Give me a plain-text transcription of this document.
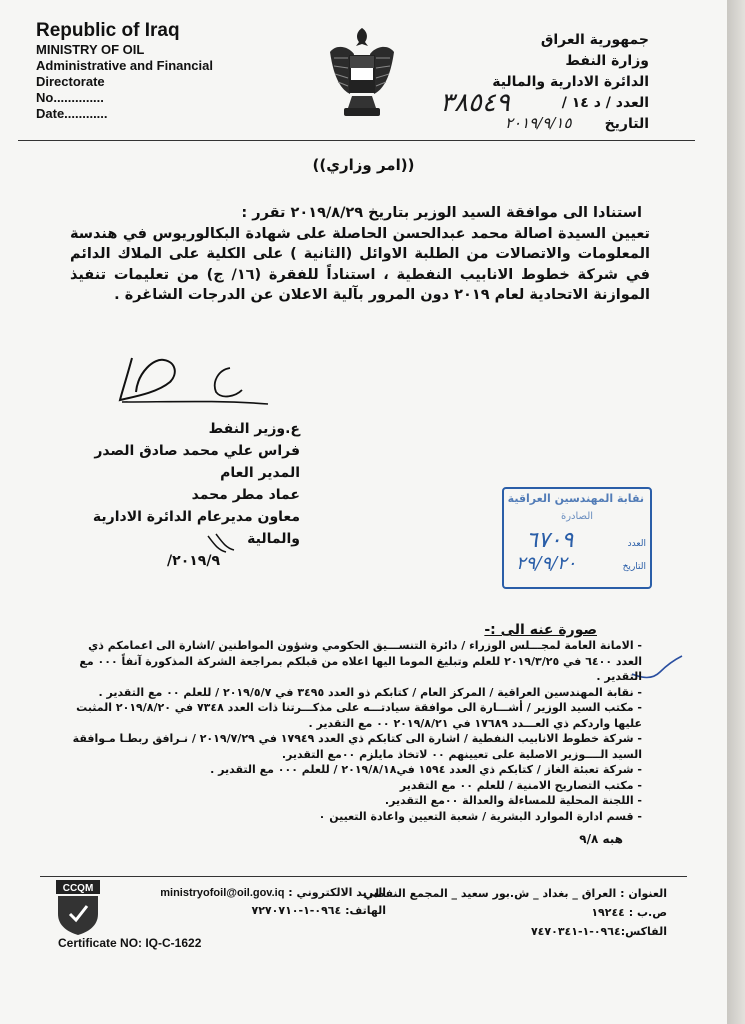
Republic of Iraq
MINISTRY OF OIL
Administrative and Financial
Directorate
No..............
Date............
جمهورية العراق
وزارة النفط
الدائرة الادارية والمالية
العدد / د ١٤ /
التاريخ
٣٨٥٤٩
٢٠١٩/٩/١٥
((امر وزاري))
استنادا الى موافقة السيد الوزير بتاريخ ٢٠١٩/٨/٢٩ تقرر :
تعيين السيدة اصالة محمد عبدالحسن الحاصلة على شهادة البكالوريوس في هندسة المعلومات والاتصالات من الطلبة الاوائل (الثانية ) على الكلية على الملاك الدائم في شركة خطوط الانابيب النفطية ، استناداً للفقرة (١٦/ ج) من تعليمات تنفيذ الموازنة الاتحادية لعام ٢٠١٩ دون المرور بآلية الاعلان عن الدرجات الشاغرة .
ع.وزير النفط
فراس علي محمد صادق الصدر
المدير العام
عماد مطر محمد
معاون مديرعام الدائرة الادارية والمالية
٢٠١٩/٩/
نقابة المهندسين العراقية
الصادرة
العدد
التاريخ
٦٧٠٩
٢٩/٩/٢٠
صورة عنه الى :-
- الامانة العامة لمجـــلس الوزراء / دائرة التنســـيق الحكومي وشؤون المواطنين /اشارة الى اعمامكم ذي العدد ٦٤٠٠ في ٢٠١٩/٣/٢٥ للعلم وتبليغ الموما اليها اعلاه من قبلكم بمراجعة الشركة المذكورة آنفاً ٠٠٠ مع التقدير .
- نقابة المهندسين العراقية / المركز العام / كتابكم ذو العدد ٣٤٩٥ في ٢٠١٩/٥/٧ / للعلم ٠٠ مع التقدير .
- مكتب السيد الوزير / أشـــارة الى موافقة سيادتـــه على مذكـــرتنا ذات العدد ٧٣٤٨ في ٢٠١٩/٨/٢٠ المثبت عليها واردكم ذي العـــدد ١٧٦٨٩ في ٢٠١٩/٨/٢١ ٠٠ مع التقدير .
- شركة خطوط الانابيب النفطية / اشارة الى كتابكم ذي العدد ١٧٩٤٩ في ٢٠١٩/٧/٢٩ / نـرافق ربطـا مـوافقة السيد الــــوزير الاصلية على تعيينهم ٠٠ لاتخاذ مايلزم ٠٠مع التقدير.
- شركة تعبئة الغاز / كتابكم ذي العدد ١٥٩٤ في٢٠١٩/٨/١٨ / للعلم ٠٠٠ مع التقدير .
- مكتب التصاريح الامنية / للعلم ٠٠ مع التقدير
- اللجنة المحلية للمساءلة والعدالة ٠٠مع التقدير.
- قسم ادارة الموارد البشرية / شعبة التعيين واعادة التعيين ٠
هبه ٩/٨
CCQM
Certificate NO: IQ-C-1622
البريد الالكتروني : ministryofoil@oil.gov.iq
الهاتف: ٠٩٦٤-١-٧٢٧٠٧١٠
العنوان : العراق _ بغداد _ ش.بور سعيد _ المجمع النفطي
ص.ب : ١٩٢٤٤
الفاكس:٠٩٦٤-١-٧٤٧٠٣٤١
